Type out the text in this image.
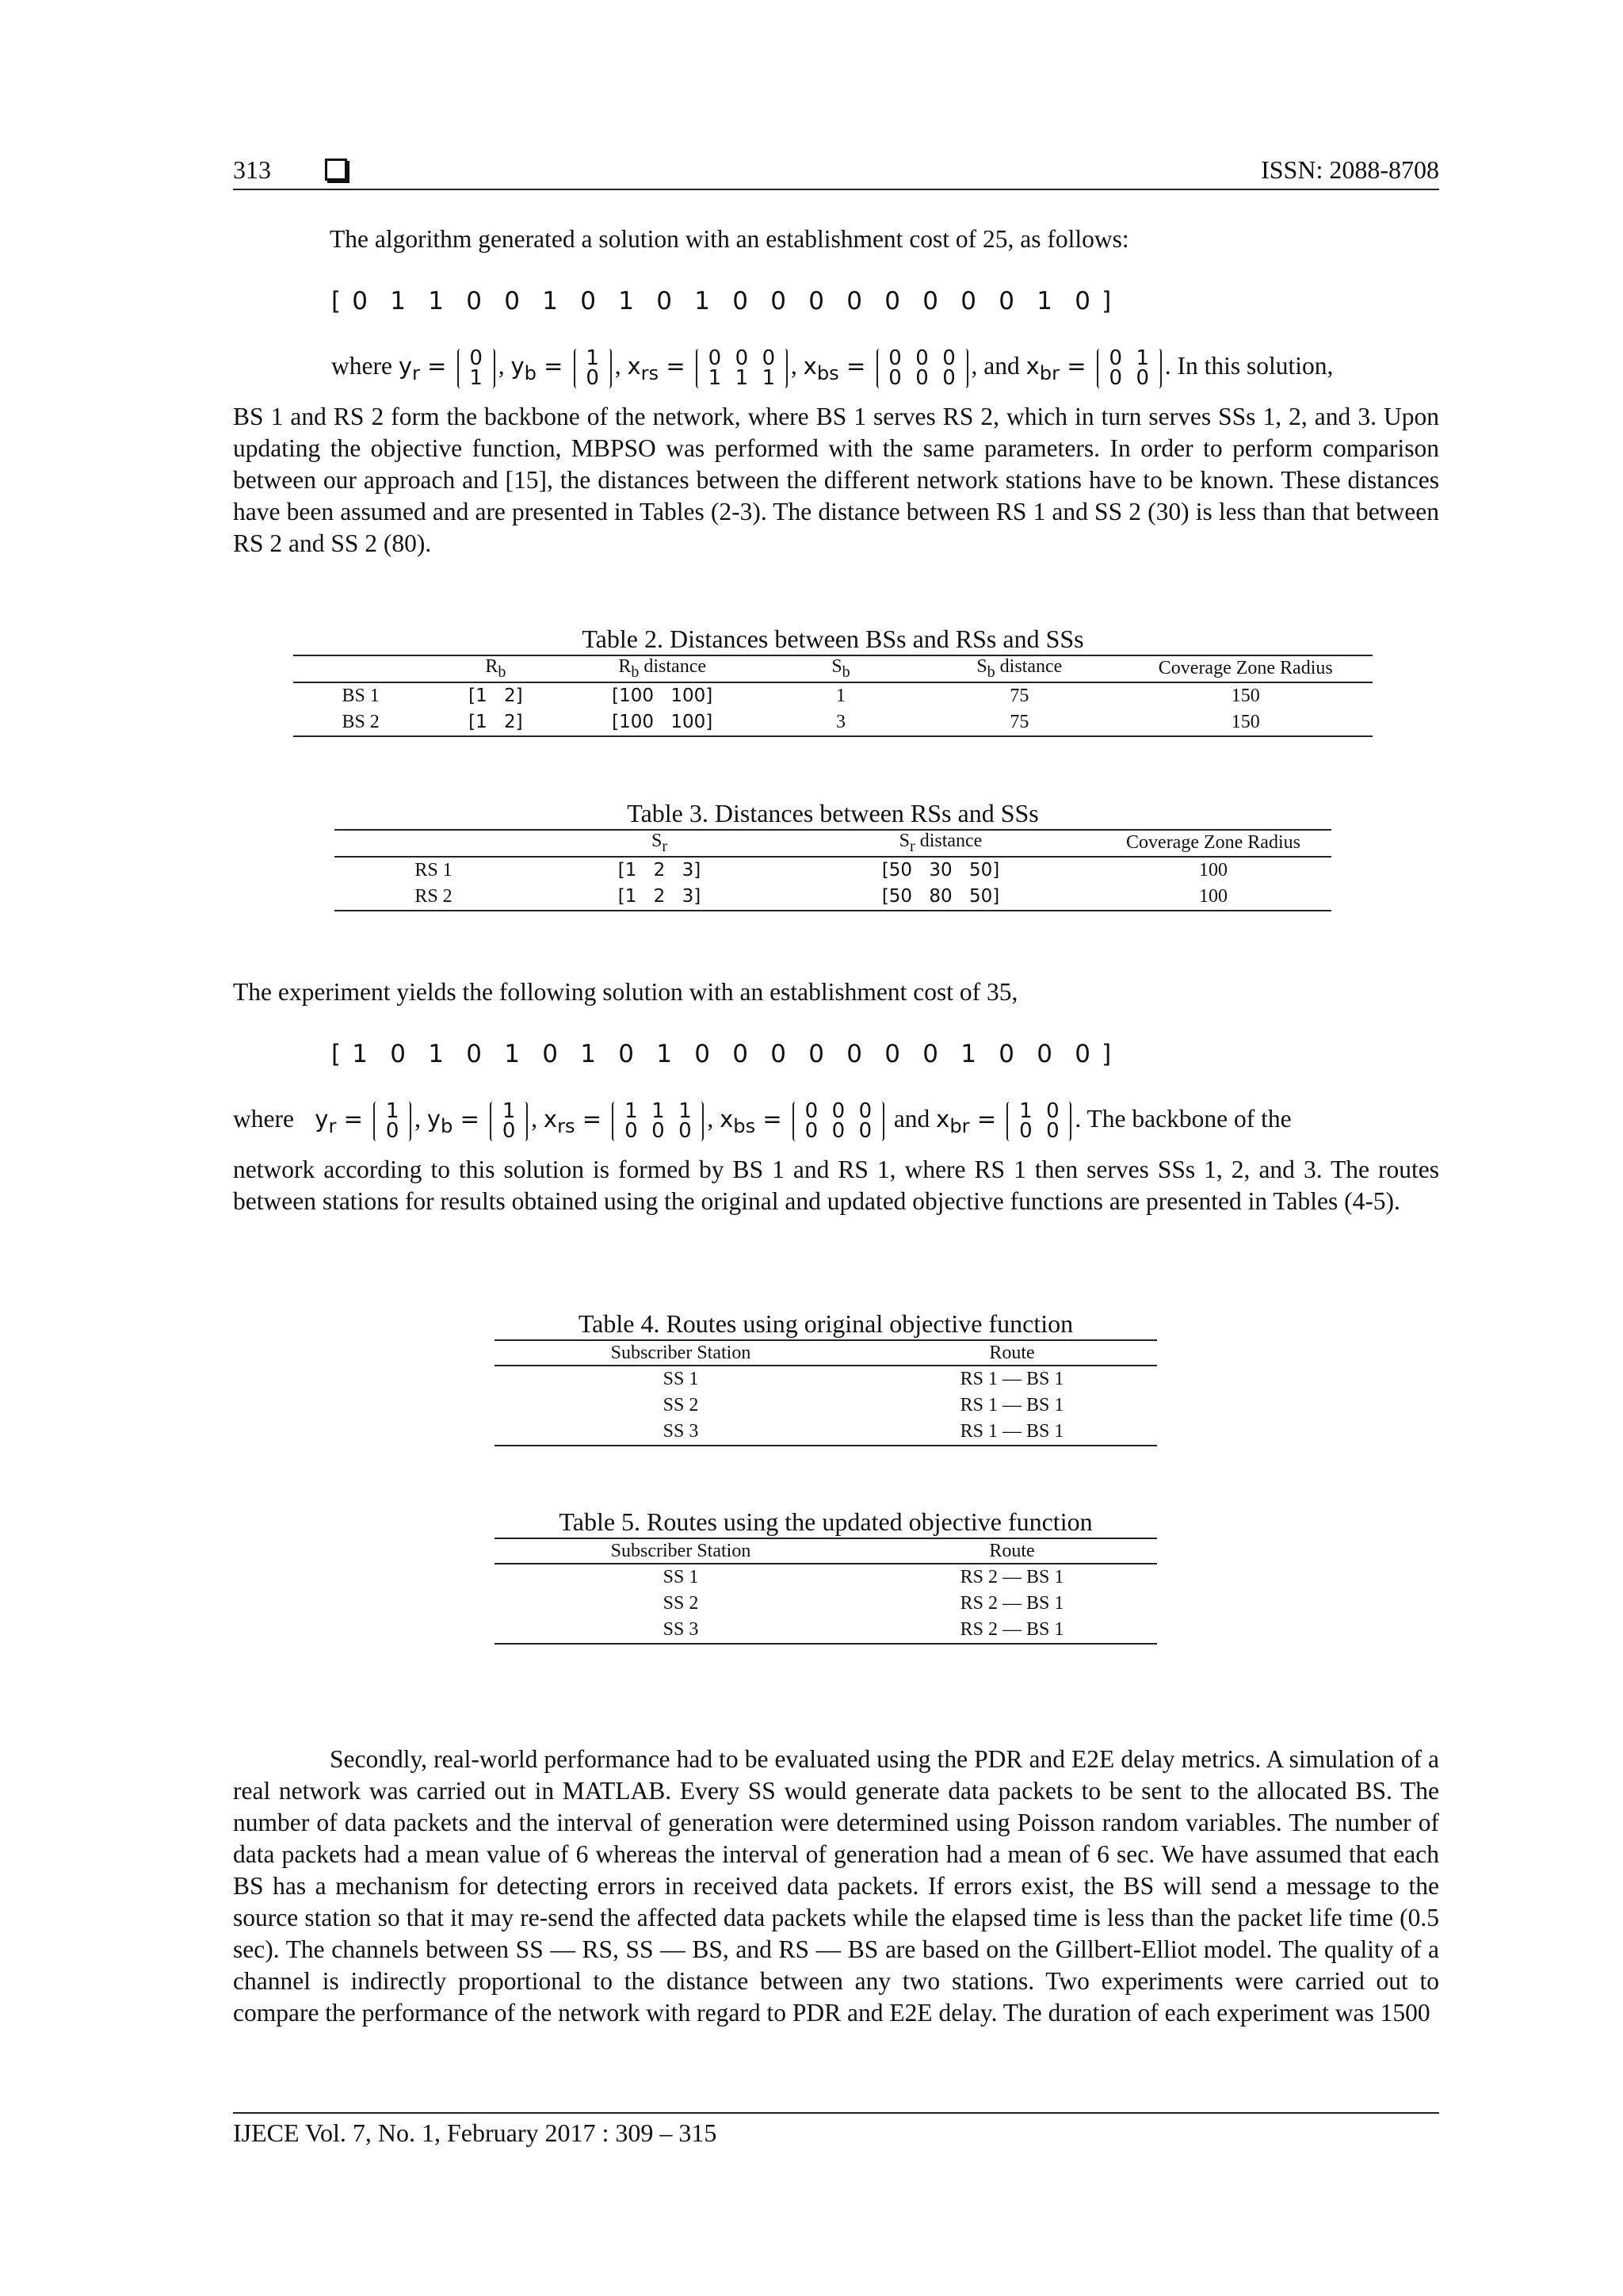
313	ISSN: 2088-8708
The algorithm generated a solution with an establishment cost of 25, as follows:
[ 0 1 1 0 0 1 0 1 0 1 0 0 0 0 0 0 0 0 1 0 ]
where $y_r = 0$
1 , $y_b = 1$
0 , $x_{rs} = 0$ 0 0
1 1 1 , $x_{bs} = 0$ 0 0
0 0 0 , and $x_{br} = 0$ 1
0 0 . In this solution,
BS 1 and RS 2 form the backbone of the network, where BS 1 serves RS 2, which in turn serves SSs 1, 2, and 3. Upon updating the objective function, MBPSO was performed with the same parameters. In order to perform comparison between our approach and [15], the distances between the different network stations have to be known. These distances have been assumed and are presented in Tables (2-3). The distance between RS 1 and SS 2 (30) is less than that between RS 2 and SS 2 (80).
Table 2. Distances between BSs and RSs and SSs
	$R_b$	$R_b$ distance	$S_b$	$S_b$ distance	Coverage Zone Radius
BS 1	[1 2]	[100 100]	1	75	150
BS 2	[1 2]	[100 100]	3	75	150
Table 3. Distances between RSs and SSs
	$S_r$	$S_r$ distance	Coverage Zone Radius
RS 1	[1 2 3]	[50 30 50]	100
RS 2	[1 2 3]	[50 80 50]	100
The experiment yields the following solution with an establishment cost of 35,
[ 1 0 1 0 1 0 1 0 1 0 0 0 0 0 0 0 1 0 0 0 ]
where   $y_r = 1$
0 , $y_b = 1$
0 , $x_{rs} = 1$ 1 1
0 0 0 , $x_{bs} = 0$ 0 0
0 0 0 and $x_{br} = 1$ 0
0 0 . The backbone of the
network according to this solution is formed by BS 1 and RS 1, where RS 1 then serves SSs 1, 2, and 3. The routes between stations for results obtained using the original and updated objective functions are presented in Tables (4-5).
Table 4. Routes using original objective function
Subscriber Station	Route
SS 1	RS 1 — BS 1
SS 2	RS 1 — BS 1
SS 3	RS 1 — BS 1
Table 5. Routes using the updated objective function
Subscriber Station	Route
SS 1	RS 2 — BS 1
SS 2	RS 2 — BS 1
SS 3	RS 2 — BS 1
Secondly, real-world performance had to be evaluated using the PDR and E2E delay metrics. A simulation of a real network was carried out in MATLAB. Every SS would generate data packets to be sent to the allocated BS. The number of data packets and the interval of generation were determined using Poisson random variables. The number of data packets had a mean value of 6 whereas the interval of generation had a mean of 6 sec. We have assumed that each BS has a mechanism for detecting errors in received data packets. If errors exist, the BS will send a message to the source station so that it may re-send the affected data packets while the elapsed time is less than the packet life time (0.5 sec). The channels between SS — RS, SS — BS, and RS — BS are based on the Gillbert-Elliot model. The quality of a channel is indirectly proportional to the distance between any two stations. Two experiments were carried out to compare the performance of the network with regard to PDR and E2E delay. The duration of each experiment was 1500
IJECE Vol. 7, No. 1, February 2017 : 309 – 315
